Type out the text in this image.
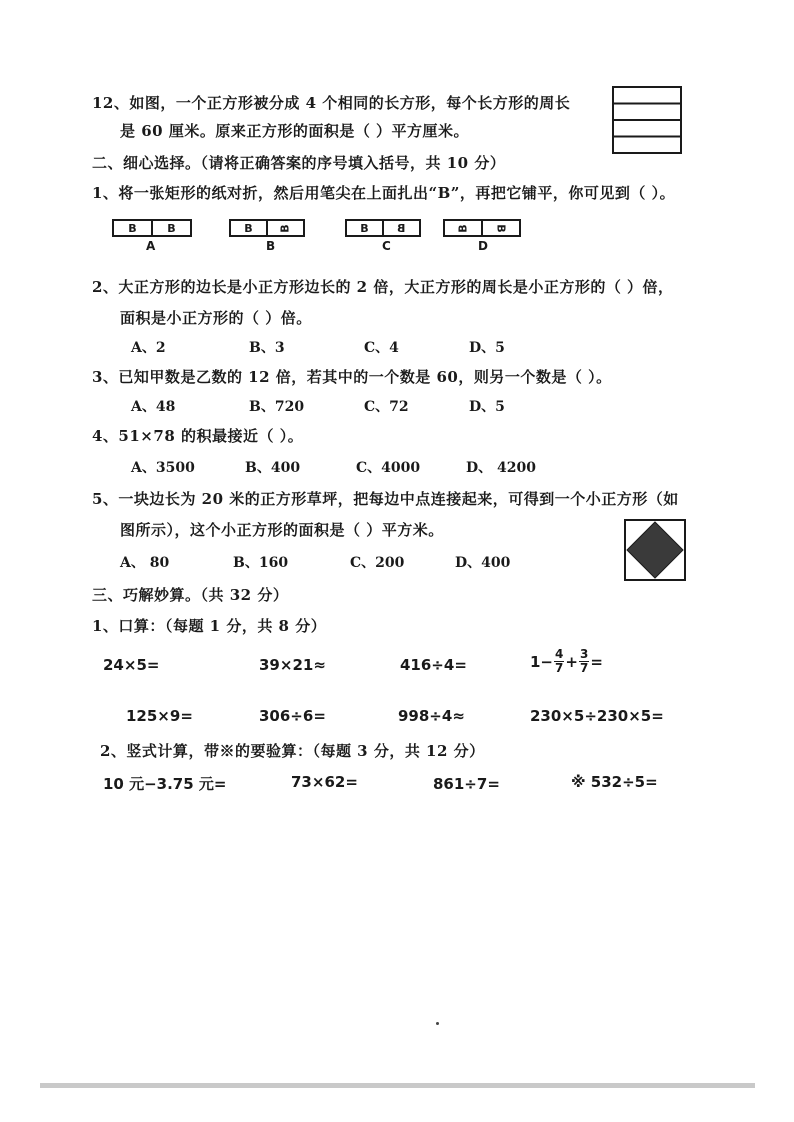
12、如图，一个正方形被分成 4 个相同的长方形，每个长方形的周长
是 60 厘米。原来正方形的面积是（ ）平方厘米。
二、细心选择。（请将正确答案的序号填入括号，共 10 分）
1、将一张矩形的纸对折，然后用笔尖在上面扎出“B”，再把它铺平，你可见到（ ）。
B	B
A
B	B
B
B	B
C
B B
D
2、大正方形的边长是小正方形边长的 2 倍，大正方形的周长是小正方形的（ ）倍，
面积是小正方形的（ ）倍。
A、2	B、3	C、4	D、5
3、已知甲数是乙数的 12 倍，若其中的一个数是 60，则另一个数是（ ）。
A、48	B、720	C、72	D、5
4、51×78 的积最接近（ ）。
A、3500	B、400	C、4000	D、 4200
5、一块边长为 20 米的正方形草坪，把每边中点连接起来，可得到一个小正方形（如
图所示），这个小正方形的面积是（ ）平方米。
A、 80	B、160	C、200	D、400
三、巧解妙算。（共 32 分）
1、口算：（每题 1 分，共 8 分）
24×5=	39×21≈	416÷4=	$1- \frac{4}{7} + \frac{3}{7}$ =
125×9=	306÷6=	998÷4≈	230×5÷230×5=
2、竖式计算，带※的要验算：（每题 3 分，共 12 分）
10 元−3.75 元=	73×62=	861÷7=	※ 532÷5=
